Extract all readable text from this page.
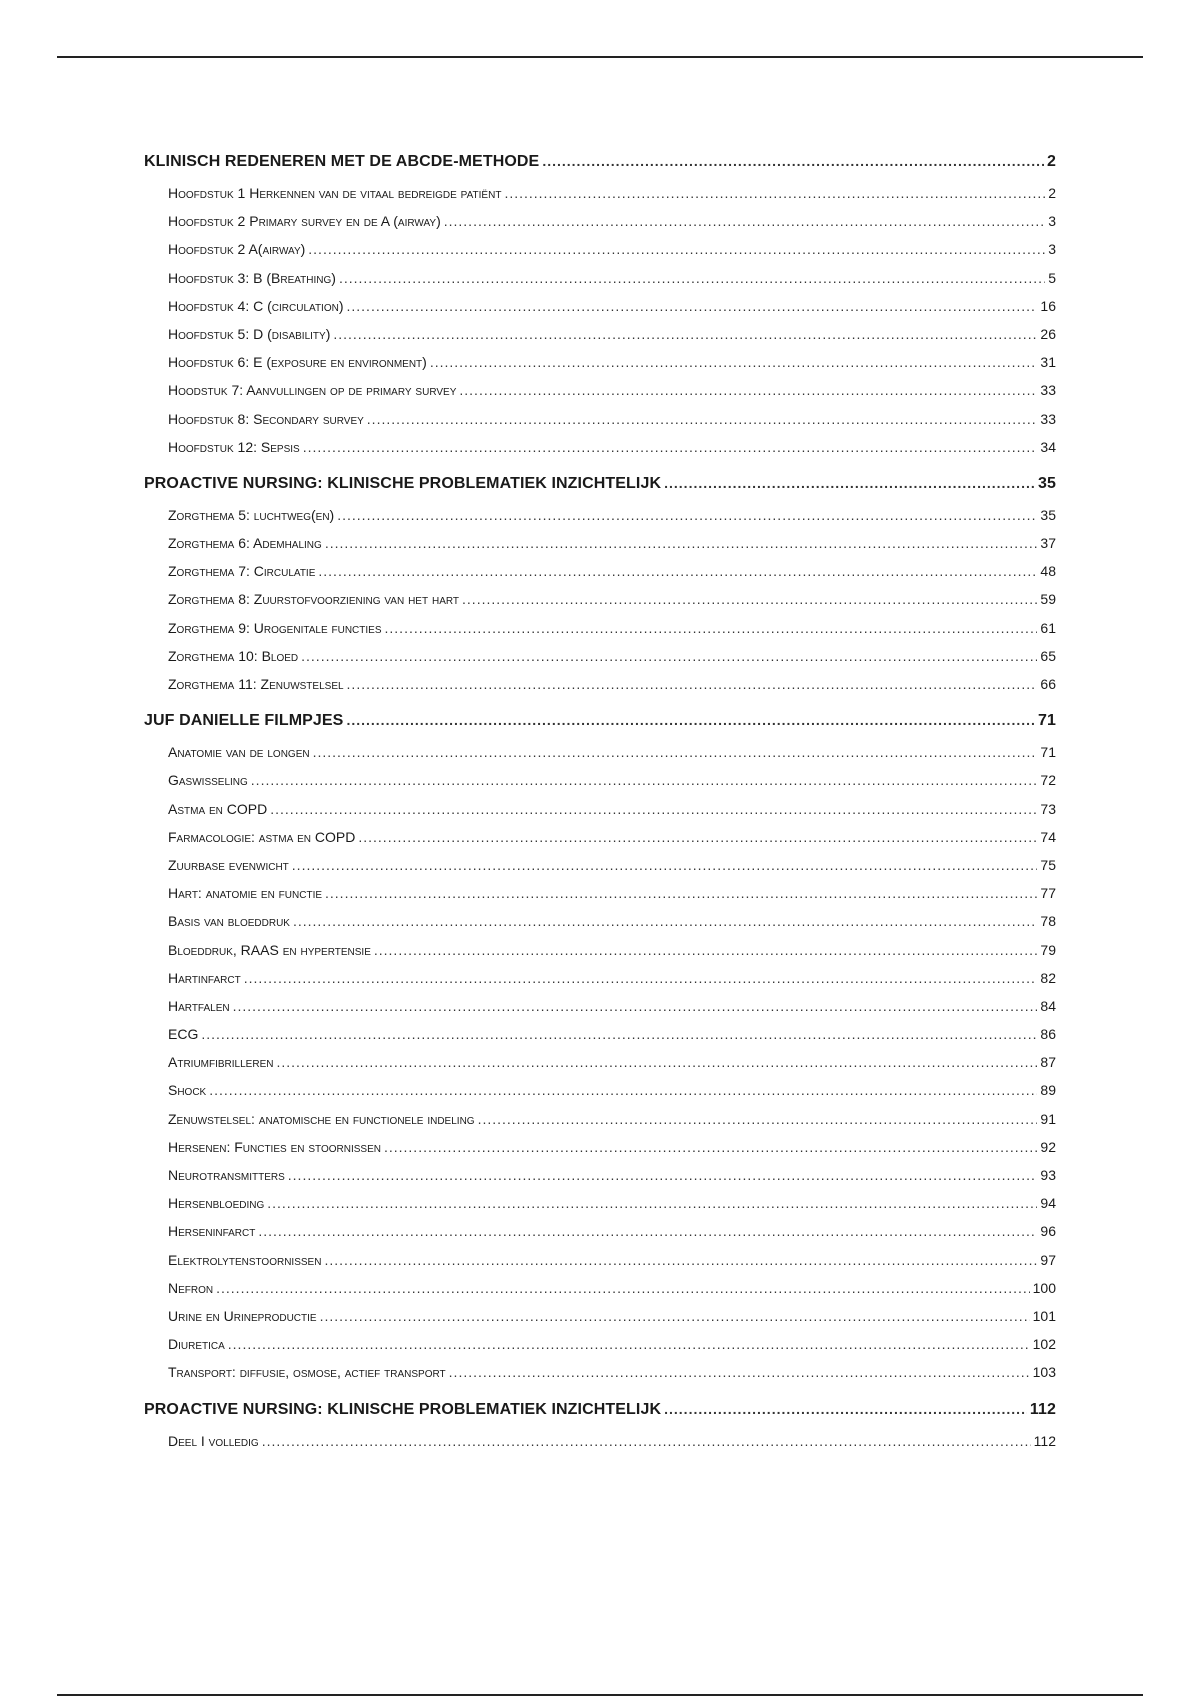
KLINISCH REDENEREN MET DE ABCDE-METHODE .....	2
Hoofdstuk 1 Herkennen van de vitaal bedreigde patiënt .....	2
Hoofdstuk 2 Primary survey en de A (airway) .....	3
Hoofdstuk 2 A(airway) .....	3
Hoofdstuk 3: B (Breathing) .....	5
Hoofdstuk 4: C (circulation) .....	16
Hoofdstuk 5: D (disability) .....	26
Hoofdstuk 6: E (exposure en environment) .....	31
Hoodstuk 7: Aanvullingen op de primary survey .....	33
Hoofdstuk 8: Secondary survey .....	33
Hoofdstuk 12: Sepsis .....	34
PROACTIVE NURSING: KLINISCHE PROBLEMATIEK INZICHTELIJK .....	35
Zorgthema 5: luchtweg(en) .....	35
Zorgthema 6: Ademhaling .....	37
Zorgthema 7: Circulatie .....	48
Zorgthema 8: Zuurstofvoorziening van het hart .....	59
Zorgthema 9: Urogenitale functies .....	61
Zorgthema 10: Bloed .....	65
Zorgthema 11: Zenuwstelsel .....	66
JUF DANIELLE FILMPJES .....	71
Anatomie van de longen .....	71
Gaswisseling .....	72
Astma en COPD .....	73
Farmacologie: astma en COPD .....	74
Zuurbase evenwicht .....	75
Hart: anatomie en functie .....	77
Basis van bloeddruk .....	78
Bloeddruk, RAAS en hypertensie .....	79
Hartinfarct .....	82
Hartfalen .....	84
ECG .....	86
Atriumfibrilleren .....	87
Shock .....	89
Zenuwstelsel: anatomische en functionele indeling .....	91
Hersenen: Functies en stoornissen .....	92
Neurotransmitters .....	93
Hersenbloeding .....	94
Herseninfarct .....	96
Elektrolytenstoornissen .....	97
Nefron .....	100
Urine en Urineproductie .....	101
Diuretica .....	102
Transport: diffusie, osmose, actief transport .....	103
PROACTIVE NURSING: KLINISCHE PROBLEMATIEK INZICHTELIJK .....	112
Deel I volledig .....	112
